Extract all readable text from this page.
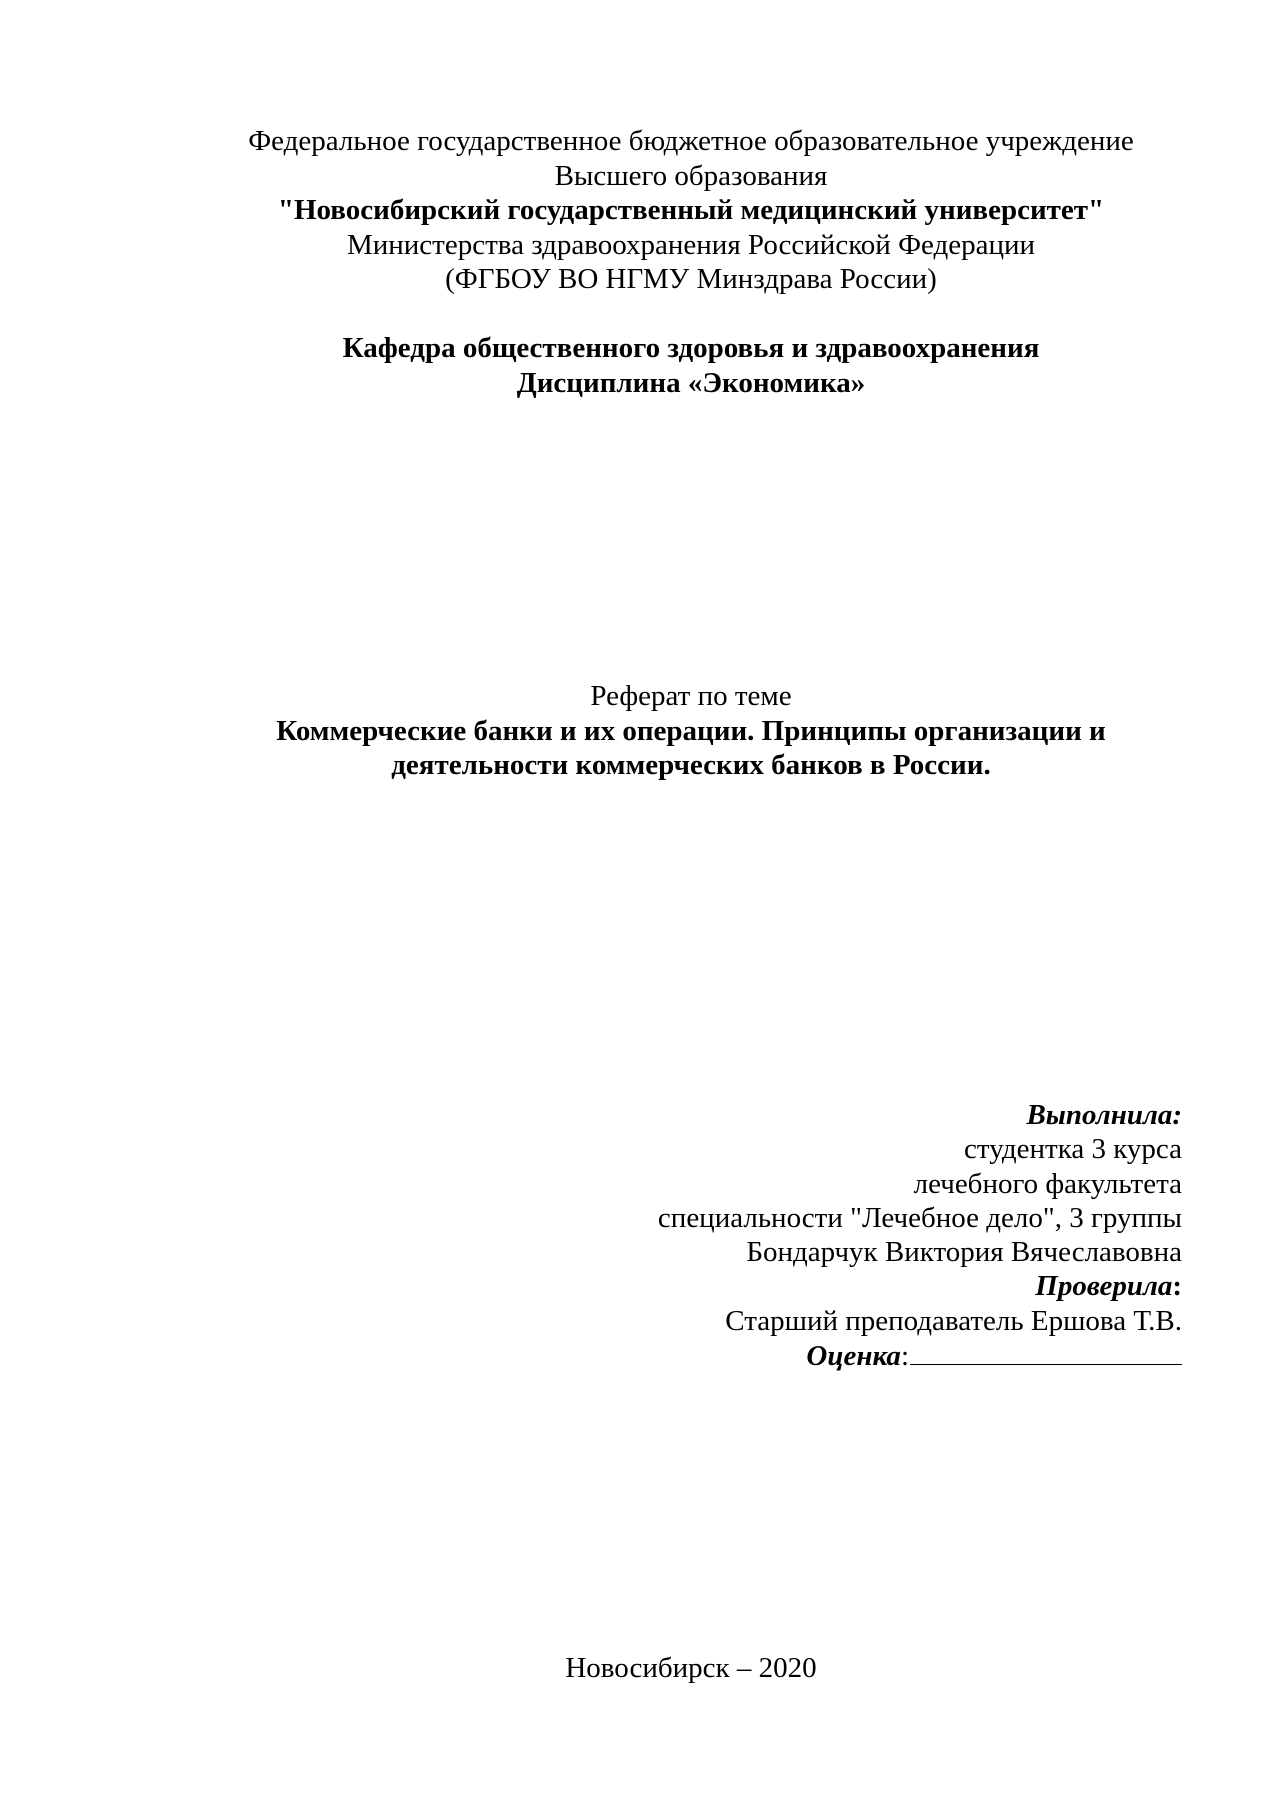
Федеральное государственное бюджетное образовательное учреждение
Высшего образования
"Новосибирский государственный медицинский университет"
Министерства здравоохранения Российской Федерации
(ФГБОУ ВО НГМУ Минздрава России)
Кафедра общественного здоровья и здравоохранения
Дисциплина «Экономика»
Реферат по теме
Коммерческие банки и их операции. Принципы организации и
деятельности коммерческих банков в России.
Выполнила:
студентка 3 курса
лечебного факультета
специальности "Лечебное дело", 3 группы
Бондарчук Виктория Вячеславовна
Проверила:
Старший преподаватель Ершова Т.В.
Оценка:
Новосибирск – 2020
